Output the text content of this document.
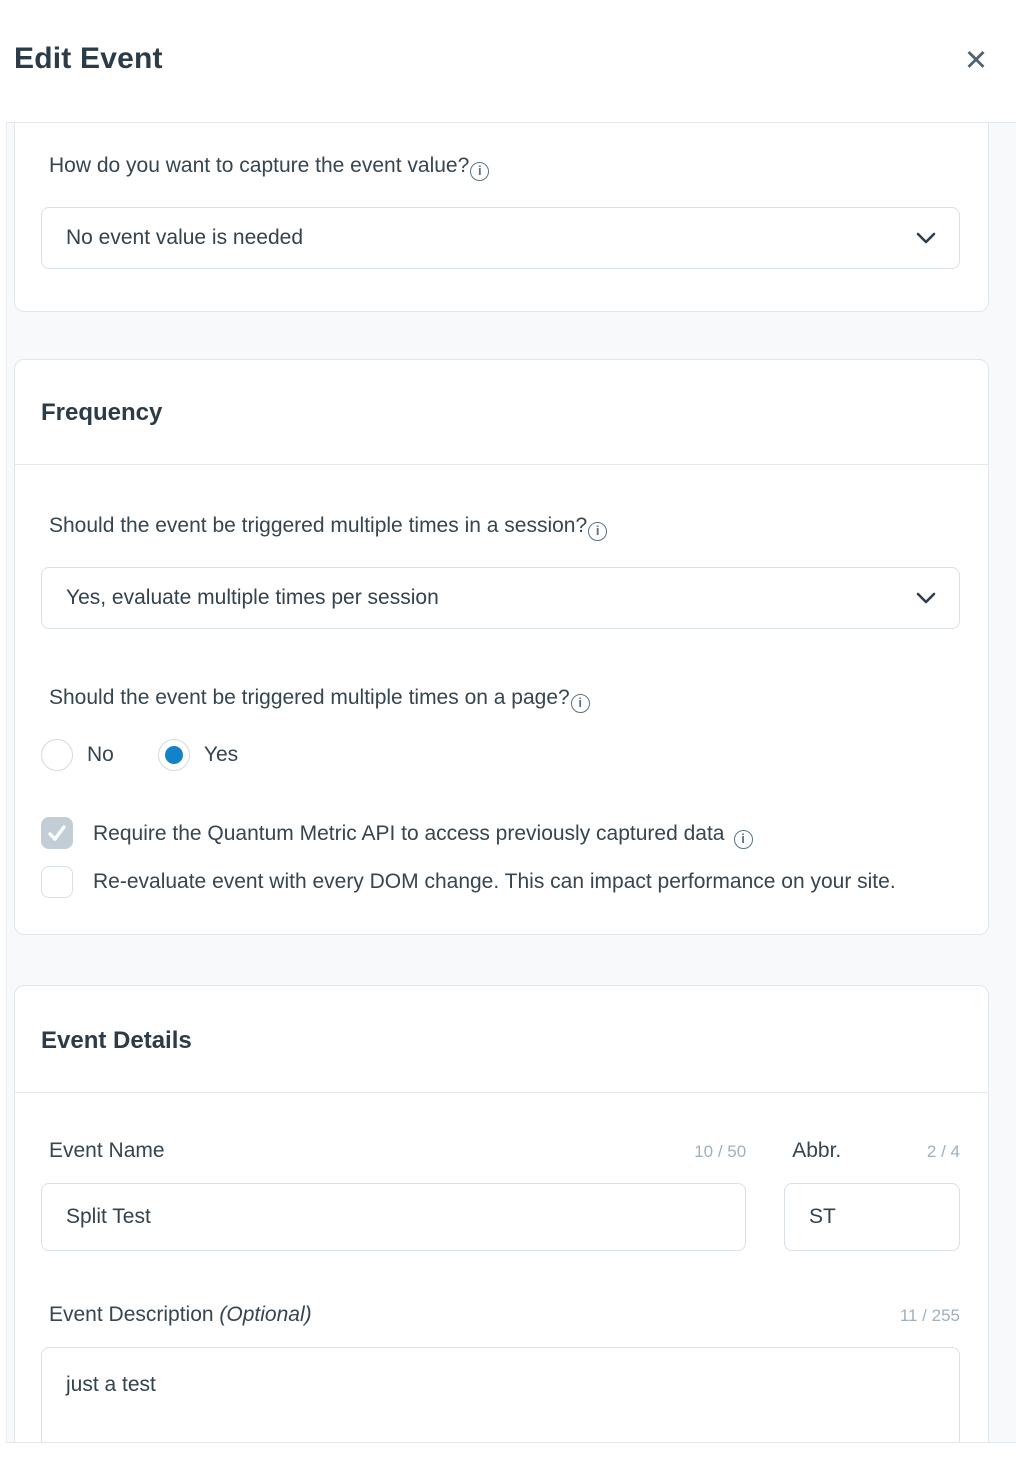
Edit Event	✕
How do you want to capture the event value?i
No event value is needed
Frequency
Should the event be triggered multiple times in a session?i
Yes, evaluate multiple times per session
Should the event be triggered multiple times on a page?i
No	Yes
Require the Quantum Metric API to access previously captured datai
Re-evaluate event with every DOM change. This can impact performance on your site.
Event Details
Event Name	10 / 50	Abbr.	2 / 4
Split Test
ST
Event Description (Optional)	11 / 255
just a test
